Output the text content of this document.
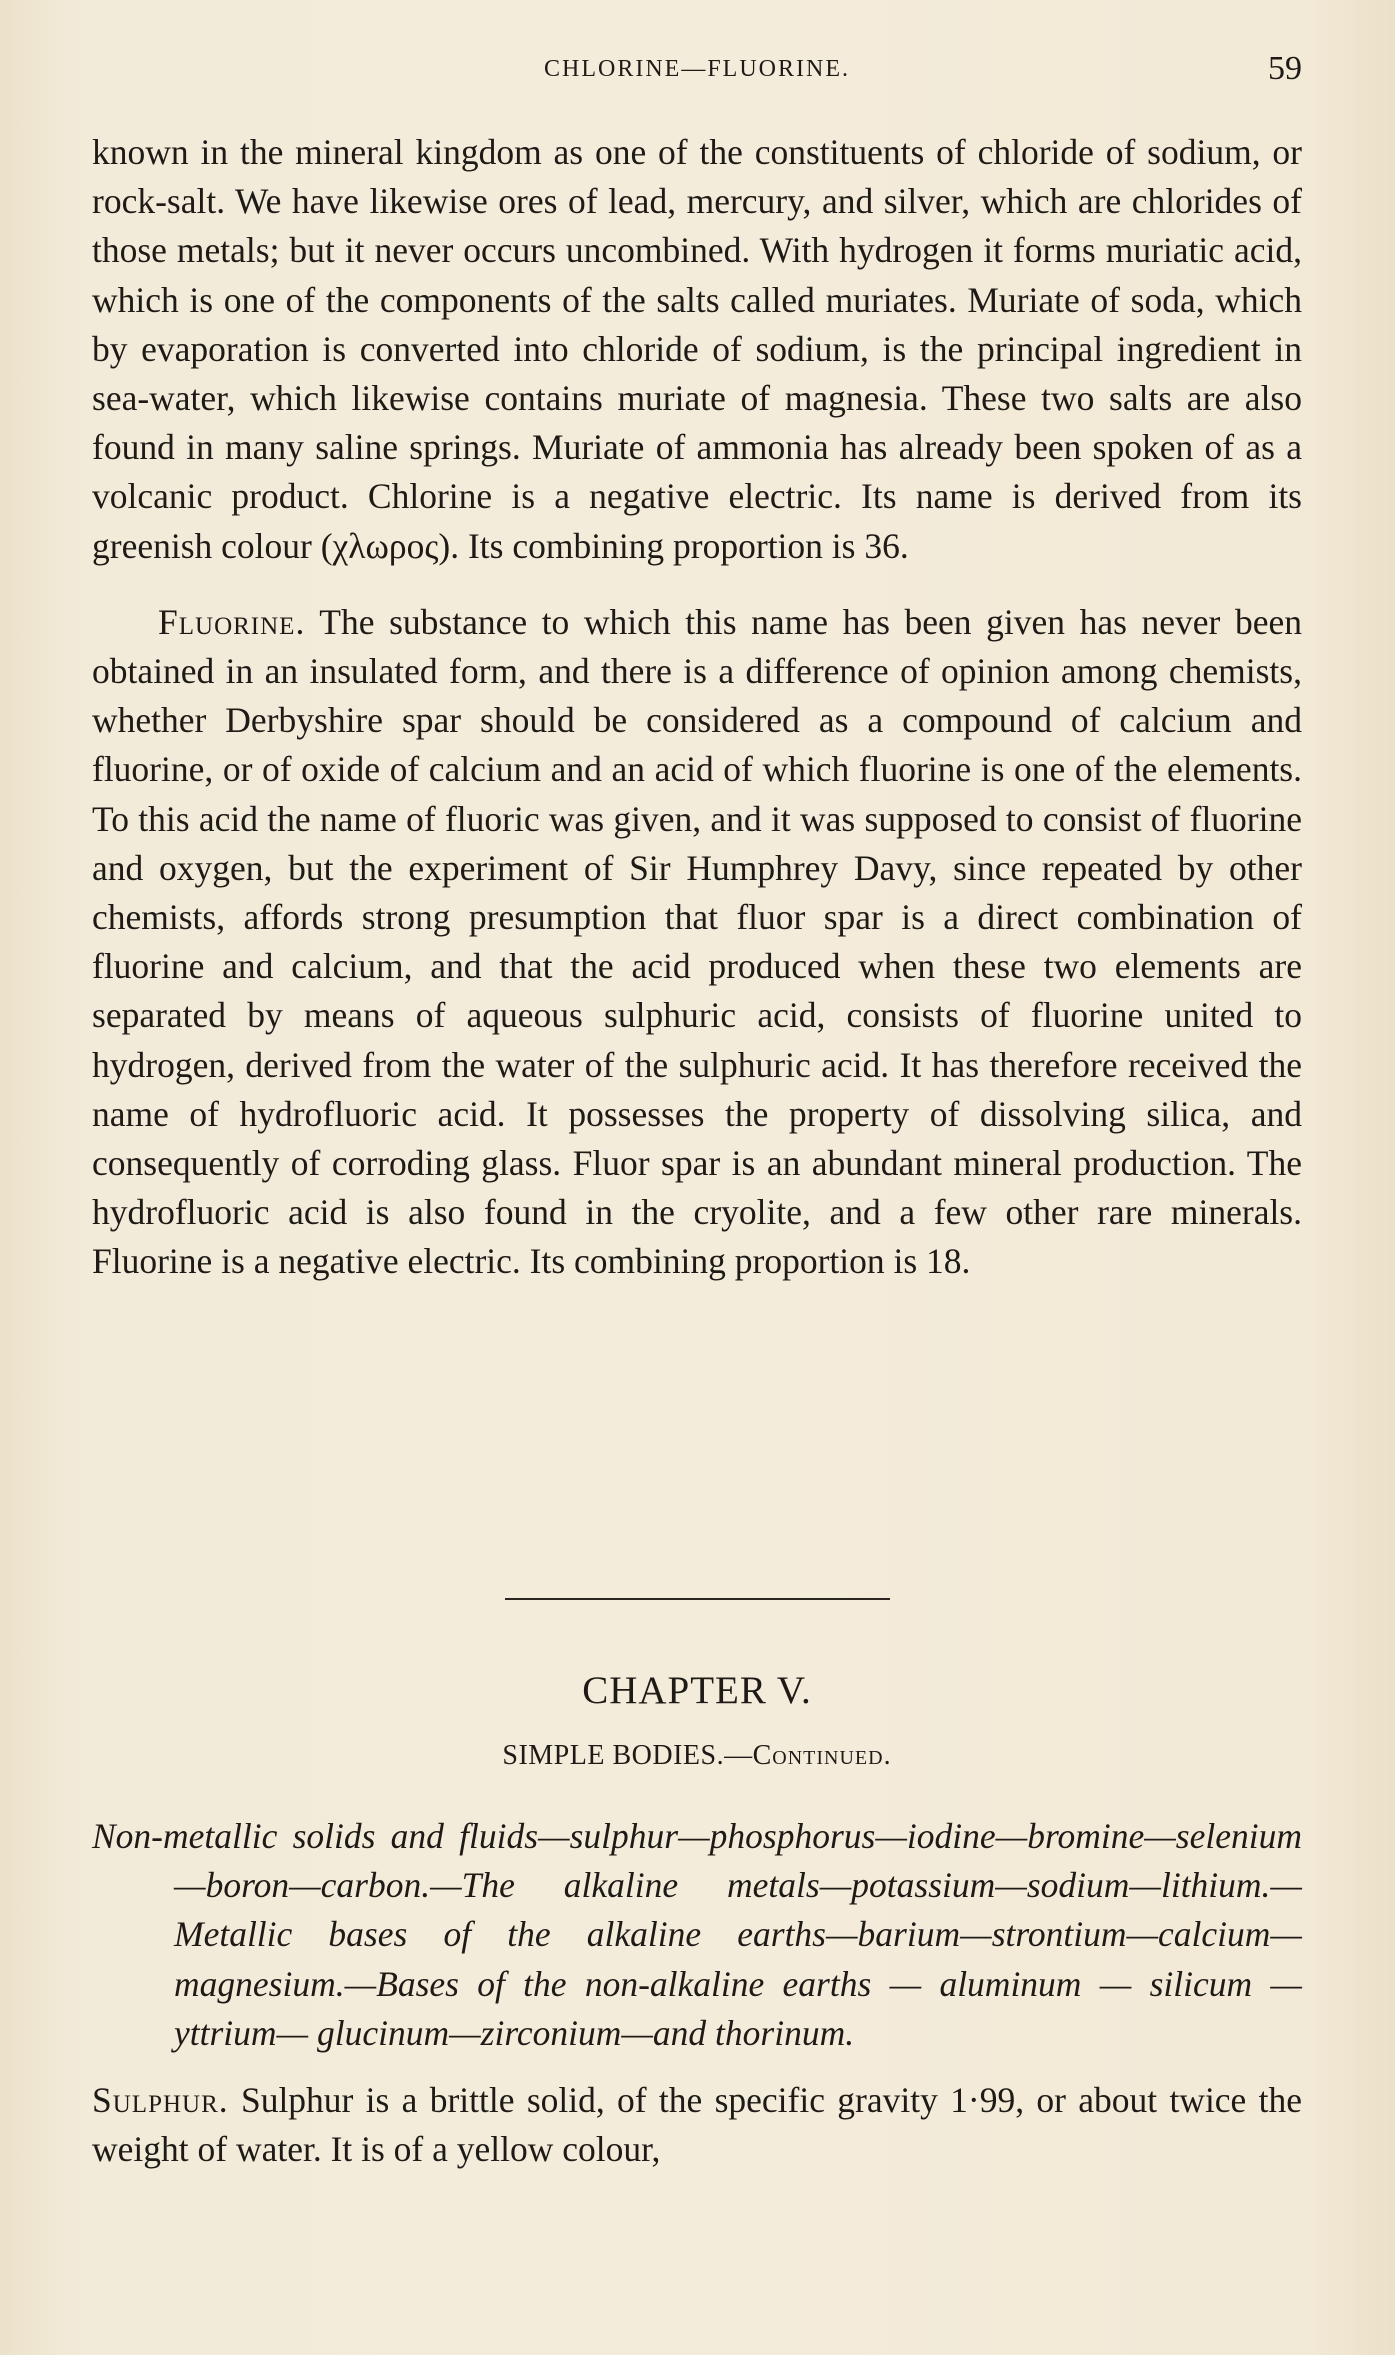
CHLORINE—FLUORINE.	59

known in the mineral kingdom as one of the constituents of chloride of sodium, or rock-salt. We have likewise ores of lead, mercury, and silver, which are chlorides of those metals; but it never occurs uncombined. With hydrogen it forms muriatic acid, which is one of the components of the salts called muriates. Muriate of soda, which by evaporation is converted into chloride of sodium, is the principal ingredient in sea-water, which likewise contains muriate of magnesia. These two salts are also found in many saline springs. Muriate of ammonia has already been spoken of as a volcanic product. Chlorine is a negative electric. Its name is derived from its greenish colour (χλωρος). Its combining proportion is 36.

Fluorine. The substance to which this name has been given has never been obtained in an insulated form, and there is a difference of opinion among chemists, whether Derbyshire spar should be considered as a compound of calcium and fluorine, or of oxide of calcium and an acid of which fluorine is one of the elements. To this acid the name of fluoric was given, and it was supposed to consist of fluorine and oxygen, but the experiment of Sir Humphrey Davy, since repeated by other chemists, affords strong presumption that fluor spar is a direct combination of fluorine and calcium, and that the acid produced when these two elements are separated by means of aqueous sulphuric acid, consists of fluorine united to hydrogen, derived from the water of the sulphuric acid. It has therefore received the name of hydrofluoric acid. It possesses the property of dissolving silica, and consequently of corroding glass. Fluor spar is an abundant mineral production. The hydrofluoric acid is also found in the cryolite, and a few other rare minerals. Fluorine is a negative electric. Its combining proportion is 18.

CHAPTER V.
SIMPLE BODIES.—Continued.
Non-metallic solids and fluids—sulphur—phosphorus—iodine—bromine—selenium—boron—carbon.—The alkaline metals—potassium—sodium—lithium.—Metallic bases of the alkaline earths—barium—strontium—calcium—magnesium.—Bases of the non-alkaline earths — aluminum — silicum — yttrium— glucinum—zirconium—and thorinum.

Sulphur. Sulphur is a brittle solid, of the specific gravity 1·99, or about twice the weight of water. It is of a yellow colour,
